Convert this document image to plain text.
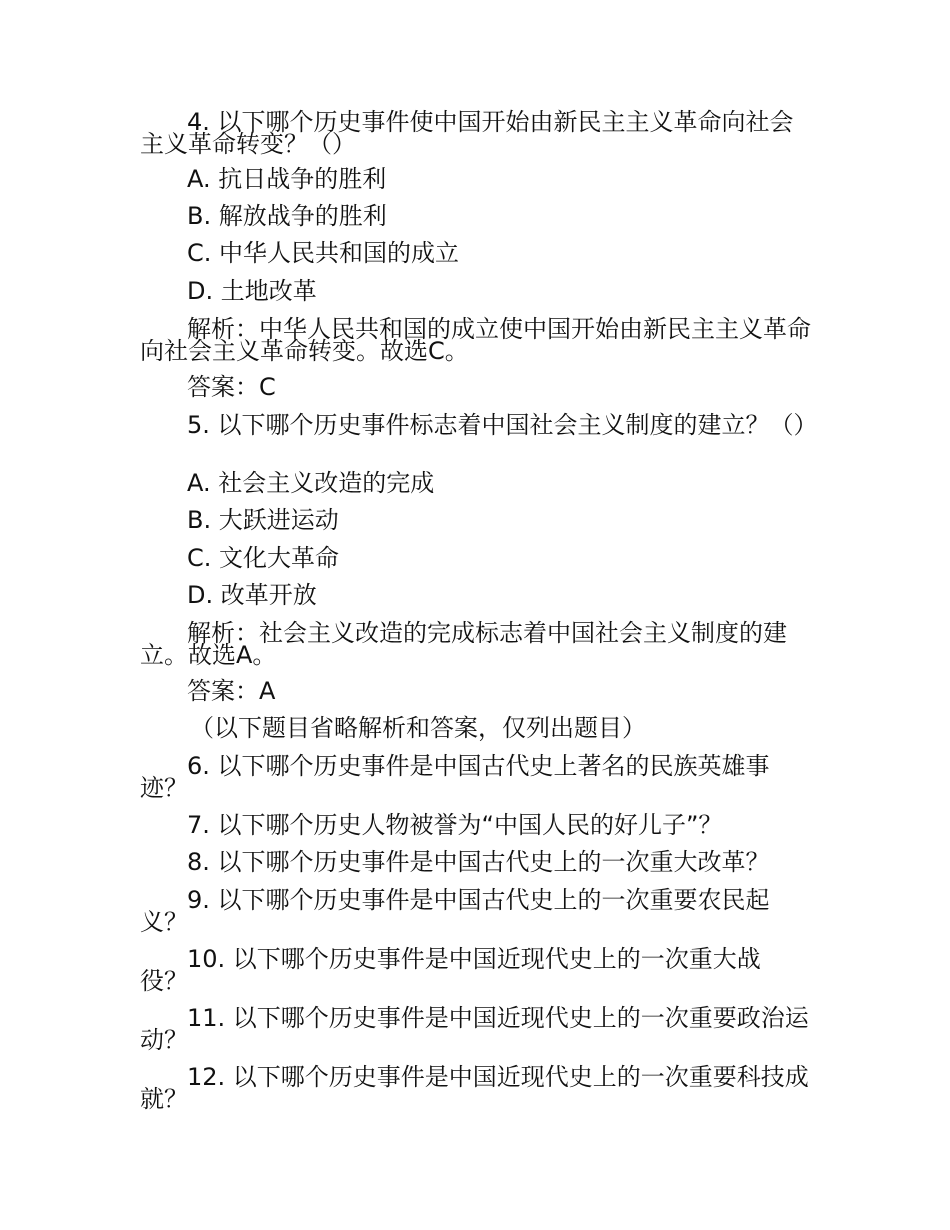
4. 以下哪个历史事件使中国开始由新民主主义革命向社会主义革命转变？（）
A. 抗日战争的胜利
B. 解放战争的胜利
C. 中华人民共和国的成立
D. 土地改革
解析：中华人民共和国的成立使中国开始由新民主主义革命向社会主义革命转变。故选C。
答案：C
5. 以下哪个历史事件标志着中国社会主义制度的建立？（）
A. 社会主义改造的完成
B. 大跃进运动
C. 文化大革命
D. 改革开放
解析：社会主义改造的完成标志着中国社会主义制度的建立。故选A。
答案：A
（以下题目省略解析和答案，仅列出题目）
6. 以下哪个历史事件是中国古代史上著名的民族英雄事迹？
7. 以下哪个历史人物被誉为“中国人民的好儿子”？
8. 以下哪个历史事件是中国古代史上的一次重大改革？
9. 以下哪个历史事件是中国古代史上的一次重要农民起义？
10. 以下哪个历史事件是中国近现代史上的一次重大战役？
11. 以下哪个历史事件是中国近现代史上的一次重要政治运动？
12. 以下哪个历史事件是中国近现代史上的一次重要科技成就？
